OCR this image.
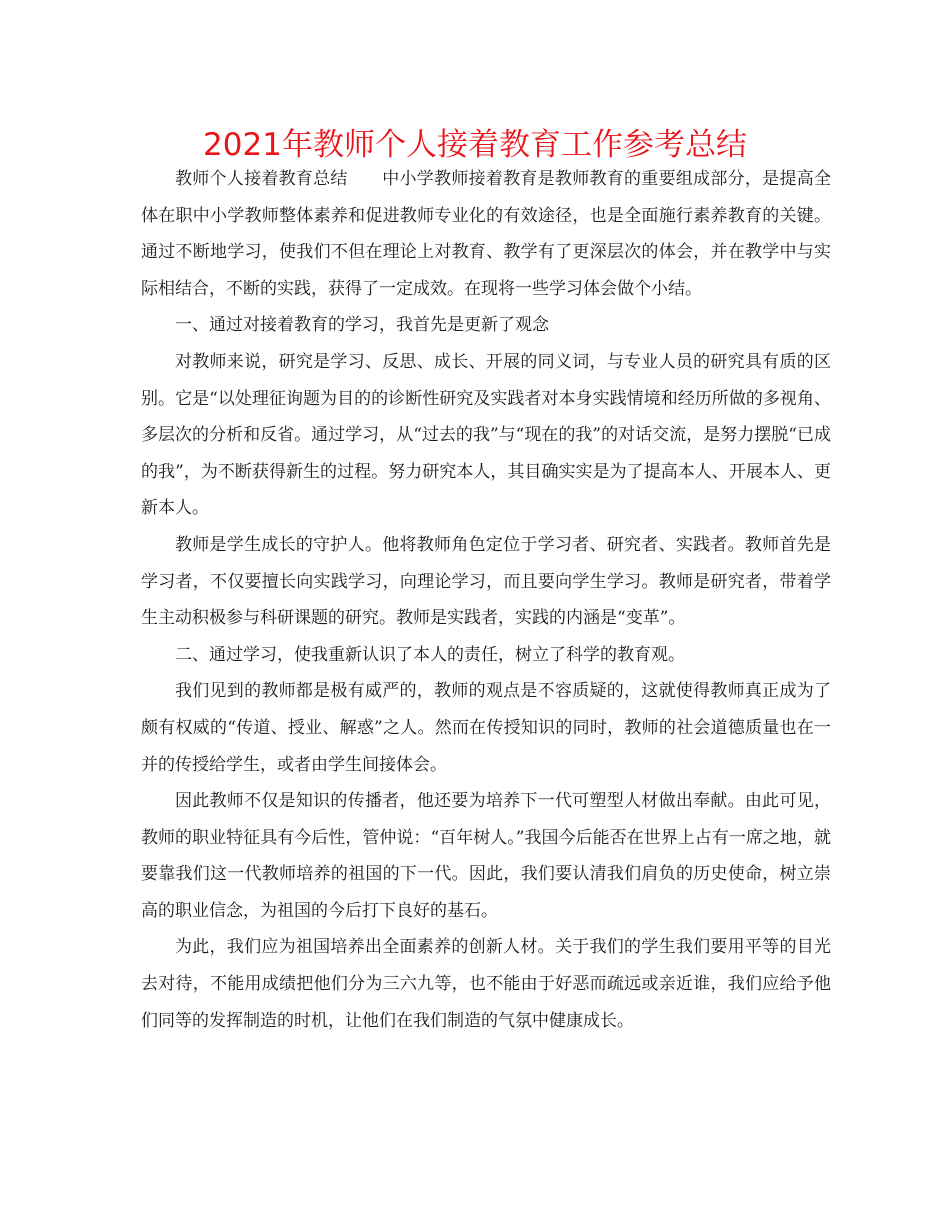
2021年教师个人接着教育工作参考总结

教师个人接着教育总结　　中小学教师接着教育是教师教育的重要组成部分，是提高全体在职中小学教师整体素养和促进教师专业化的有效途径，也是全面施行素养教育的关键。通过不断地学习，使我们不但在理论上对教育、教学有了更深层次的体会，并在教学中与实际相结合，不断的实践，获得了一定成效。在现将一些学习体会做个小结。

一、通过对接着教育的学习，我首先是更新了观念

对教师来说，研究是学习、反思、成长、开展的同义词，与专业人员的研究具有质的区别。它是“以处理征询题为目的的诊断性研究及实践者对本身实践情境和经历所做的多视角、多层次的分析和反省。通过学习，从“过去的我”与“现在的我”的对话交流，是努力摆脱“已成的我”，为不断获得新生的过程。努力研究本人，其目确实实是为了提高本人、开展本人、更新本人。

教师是学生成长的守护人。他将教师角色定位于学习者、研究者、实践者。教师首先是学习者，不仅要擅长向实践学习，向理论学习，而且要向学生学习。教师是研究者，带着学生主动积极参与科研课题的研究。教师是实践者，实践的内涵是“变革”。

二、通过学习，使我重新认识了本人的责任，树立了科学的教育观。

我们见到的教师都是极有威严的，教师的观点是不容质疑的，这就使得教师真正成为了颇有权威的“传道、授业、解惑”之人。然而在传授知识的同时，教师的社会道德质量也在一并的传授给学生，或者由学生间接体会。

因此教师不仅是知识的传播者，他还要为培养下一代可塑型人材做出奉献。由此可见，教师的职业特征具有今后性，管仲说：“百年树人。”我国今后能否在世界上占有一席之地，就要靠我们这一代教师培养的祖国的下一代。因此，我们要认清我们肩负的历史使命，树立崇高的职业信念，为祖国的今后打下良好的基石。

为此，我们应为祖国培养出全面素养的创新人材。关于我们的学生我们要用平等的目光去对待，不能用成绩把他们分为三六九等，也不能由于好恶而疏远或亲近谁，我们应给予他们同等的发挥制造的时机，让他们在我们制造的气氛中健康成长。
